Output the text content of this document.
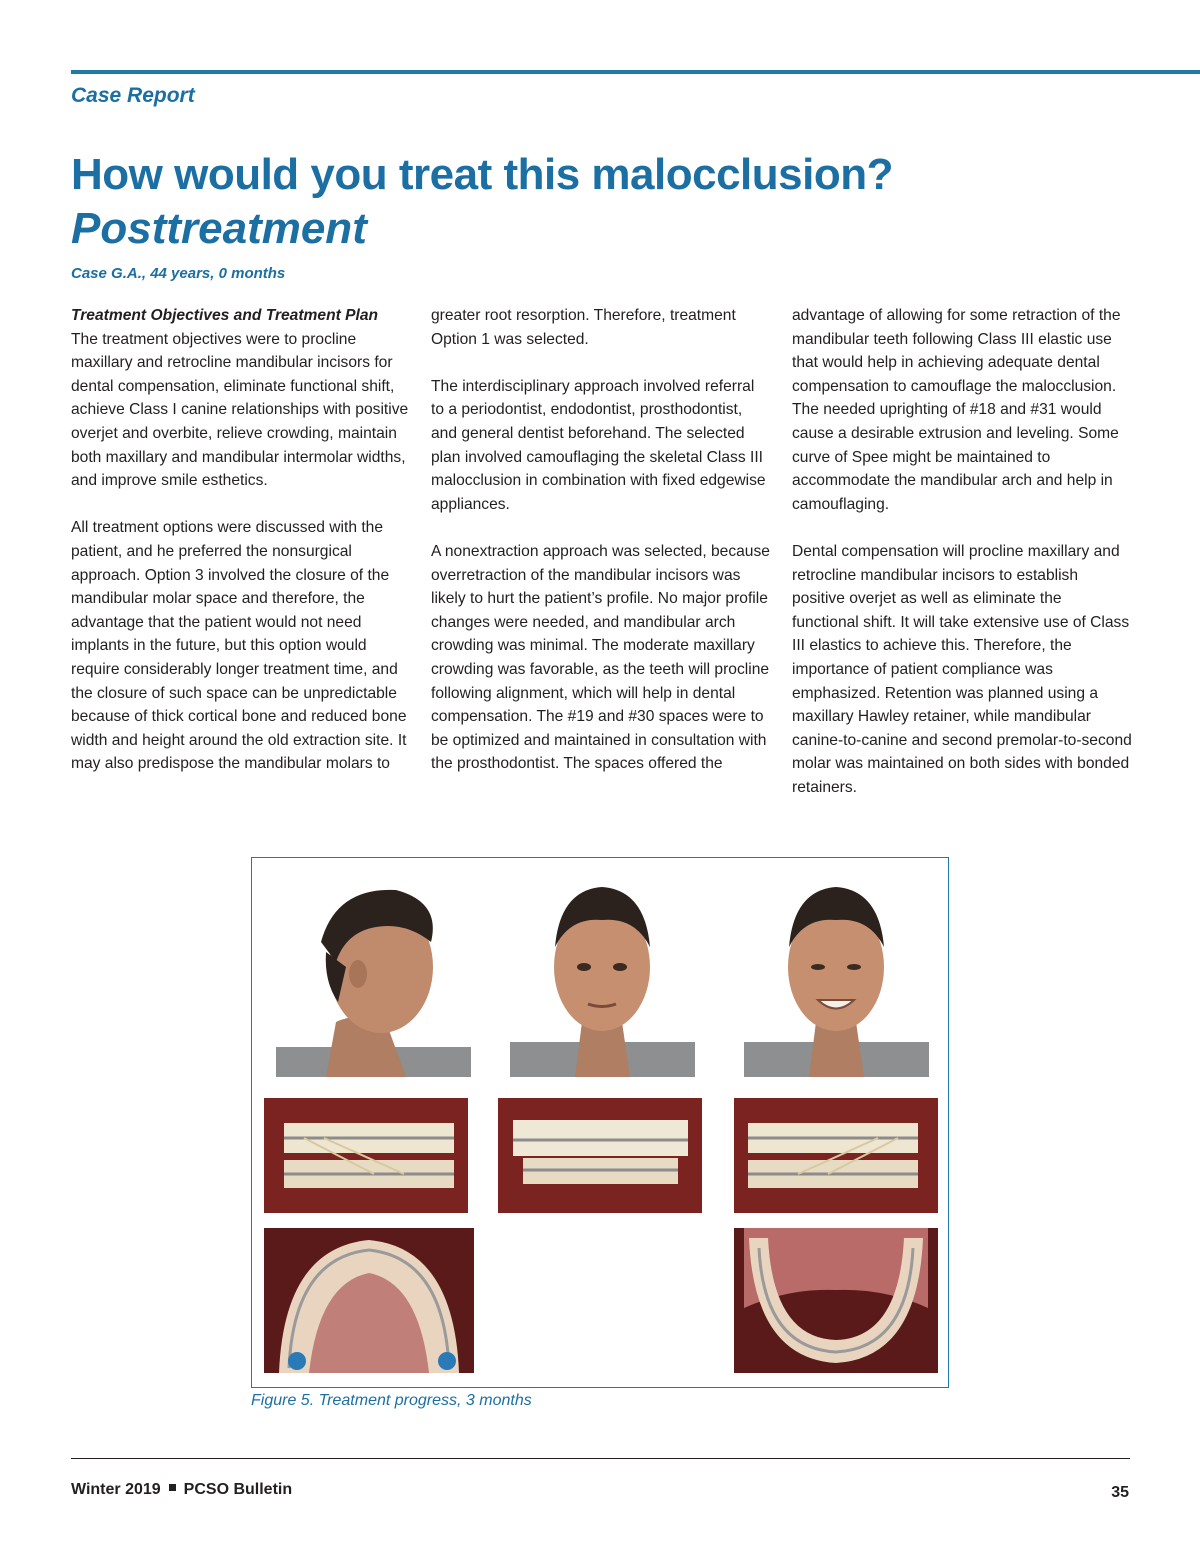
Case Report
How would you treat this malocclusion?
Posttreatment
Case G.A., 44 years, 0 months
Treatment Objectives and Treatment Plan

The treatment objectives were to procline maxillary and retrocline mandibular incisors for dental compensation, eliminate functional shift, achieve Class I canine relationships with positive overjet and overbite, relieve crowding, maintain both maxillary and mandibular intermolar widths, and improve smile esthetics.

All treatment options were discussed with the patient, and he preferred the nonsurgical approach. Option 3 involved the closure of the mandibular molar space and therefore, the advantage that the patient would not need implants in the future, but this option would require considerably longer treatment time, and the closure of such space can be unpredictable because of thick cortical bone and reduced bone width and height around the old extraction site. It may also predispose the mandibular molars to

greater root resorption. Therefore, treatment Option 1 was selected.

The interdisciplinary approach involved referral to a periodontist, endodontist, prosthodontist, and general dentist beforehand. The selected plan involved camouflaging the skeletal Class III malocclusion in combination with fixed edgewise appliances.

A nonextraction approach was selected, because overretraction of the mandibular incisors was likely to hurt the patient’s profile. No major profile changes were needed, and mandibular arch crowding was minimal. The moderate maxillary crowding was favorable, as the teeth will procline following alignment, which will help in dental compensation. The #19 and #30 spaces were to be optimized and maintained in consultation with the prosthodontist. The spaces offered the

advantage of allowing for some retraction of the mandibular teeth following Class III elastic use that would help in achieving adequate dental compensation to camouflage the malocclusion. The needed uprighting of #18 and #31 would cause a desirable extrusion and leveling. Some curve of Spee might be maintained to accommodate the mandibular arch and help in camouflaging.

Dental compensation will procline maxillary and retrocline mandibular incisors to establish positive overjet as well as eliminate the functional shift. It will take extensive use of Class III elastics to achieve this. Therefore, the importance of patient compliance was emphasized. Retention was planned using a maxillary Hawley retainer, while mandibular canine-to-canine and second premolar-to-second molar was maintained on both sides with bonded retainers.

Figure 5. Treatment progress, 3 months
Winter 2019 PCSO Bulletin	35
